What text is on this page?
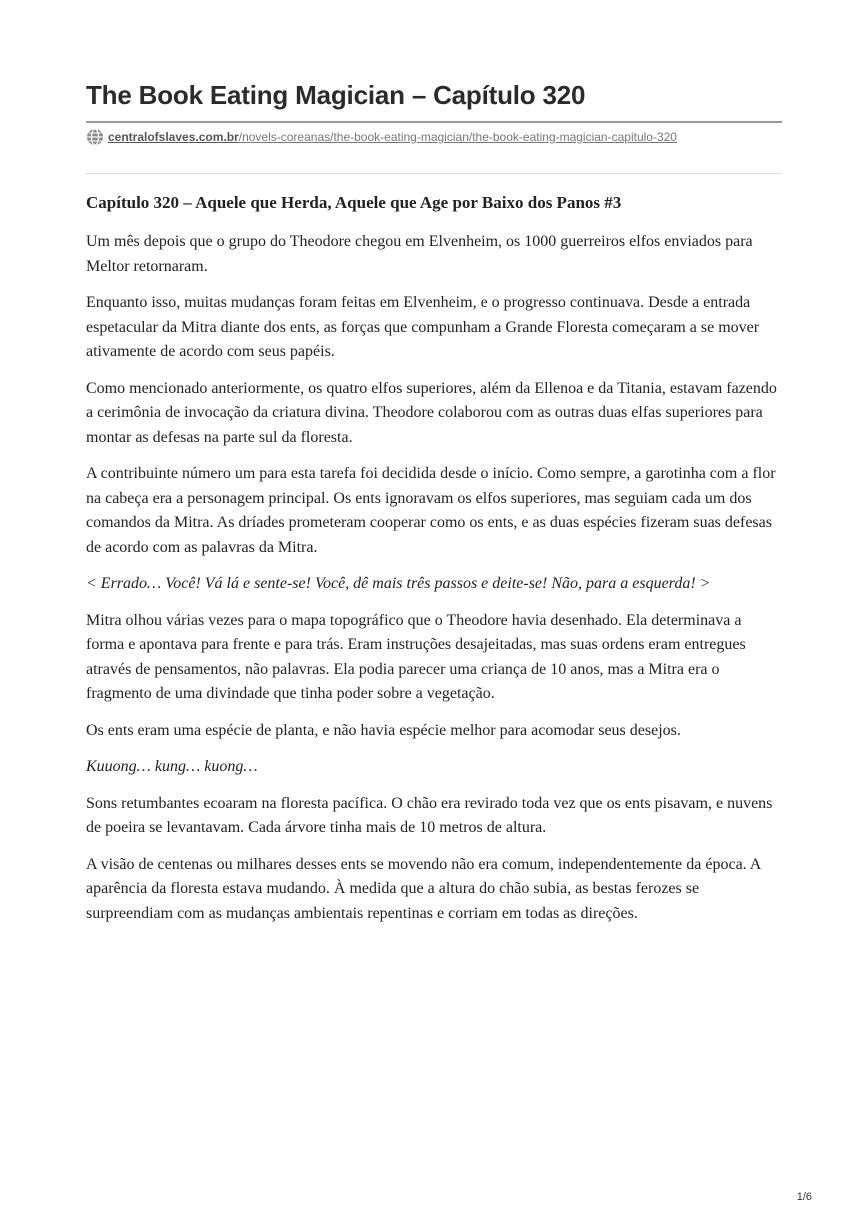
The Book Eating Magician – Capítulo 320
centralofslaves.com.br /novels-coreanas/the-book-eating-magician/the-book-eating-magician-capitulo-320
Capítulo 320 – Aquele que Herda, Aquele que Age por Baixo dos Panos #3

Um mês depois que o grupo do Theodore chegou em Elvenheim, os 1000 guerreiros elfos enviados para Meltor retornaram.

Enquanto isso, muitas mudanças foram feitas em Elvenheim, e o progresso continuava. Desde a entrada espetacular da Mitra diante dos ents, as forças que compunham a Grande Floresta começaram a se mover ativamente de acordo com seus papéis.

Como mencionado anteriormente, os quatro elfos superiores, além da Ellenoa e da Titania, estavam fazendo a cerimônia de invocação da criatura divina. Theodore colaborou com as outras duas elfas superiores para montar as defesas na parte sul da floresta.

A contribuinte número um para esta tarefa foi decidida desde o início. Como sempre, a garotinha com a flor na cabeça era a personagem principal. Os ents ignoravam os elfos superiores, mas seguiam cada um dos comandos da Mitra. As dríades prometeram cooperar como os ents, e as duas espécies fizeram suas defesas de acordo com as palavras da Mitra.

< Errado… Você! Vá lá e sente-se! Você, dê mais três passos e deite-se! Não, para a esquerda! >

Mitra olhou várias vezes para o mapa topográfico que o Theodore havia desenhado. Ela determinava a forma e apontava para frente e para trás. Eram instruções desajeitadas, mas suas ordens eram entregues através de pensamentos, não palavras. Ela podia parecer uma criança de 10 anos, mas a Mitra era o fragmento de uma divindade que tinha poder sobre a vegetação.

Os ents eram uma espécie de planta, e não havia espécie melhor para acomodar seus desejos.

Kuuong… kung… kuong…

Sons retumbantes ecoaram na floresta pacífica. O chão era revirado toda vez que os ents pisavam, e nuvens de poeira se levantavam. Cada árvore tinha mais de 10 metros de altura.

A visão de centenas ou milhares desses ents se movendo não era comum, independentemente da época. A aparência da floresta estava mudando. À medida que a altura do chão subia, as bestas ferozes se surpreendiam com as mudanças ambientais repentinas e corriam em todas as direções.

1/6
